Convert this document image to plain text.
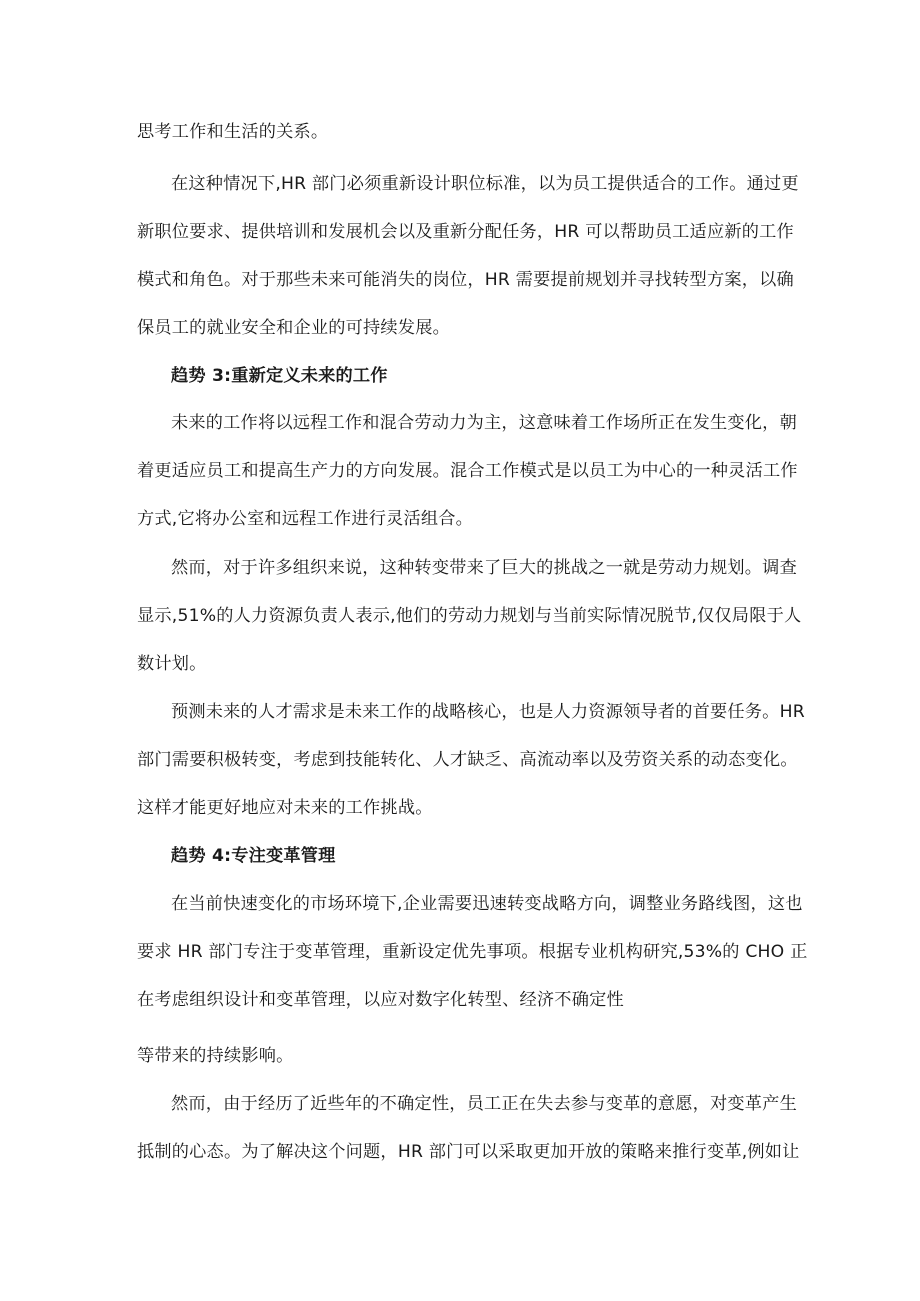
思考工作和生活的关系。
在这种情况下,HR 部门必须重新设计职位标准，以为员工提供适合的工作。通过更
新职位要求、提供培训和发展机会以及重新分配任务，HR 可以帮助员工适应新的工作
模式和角色。对于那些未来可能消失的岗位，HR 需要提前规划并寻找转型方案，以确
保员工的就业安全和企业的可持续发展。
趋势 3:重新定义未来的工作
未来的工作将以远程工作和混合劳动力为主，这意味着工作场所正在发生变化，朝
着更适应员工和提高生产力的方向发展。混合工作模式是以员工为中心的一种灵活工作
方式,它将办公室和远程工作进行灵活组合。
然而，对于许多组织来说，这种转变带来了巨大的挑战之一就是劳动力规划。调查
显示,51%的人力资源负责人表示,他们的劳动力规划与当前实际情况脱节,仅仅局限于人
数计划。
预测未来的人才需求是未来工作的战略核心，也是人力资源领导者的首要任务。HR
部门需要积极转变，考虑到技能转化、人才缺乏、高流动率以及劳资关系的动态变化。
这样才能更好地应对未来的工作挑战。
趋势 4:专注变革管理
在当前快速变化的市场环境下,企业需要迅速转变战略方向，调整业务路线图，这也
要求 HR 部门专注于变革管理，重新设定优先事项。根据专业机构研究,53%的 CHO 正
在考虑组织设计和变革管理，以应对数字化转型、经济不确定性
等带来的持续影响。
然而，由于经历了近些年的不确定性，员工正在失去参与变革的意愿，对变革产生
抵制的心态。为了解决这个问题，HR 部门可以采取更加开放的策略来推行变革,例如让
